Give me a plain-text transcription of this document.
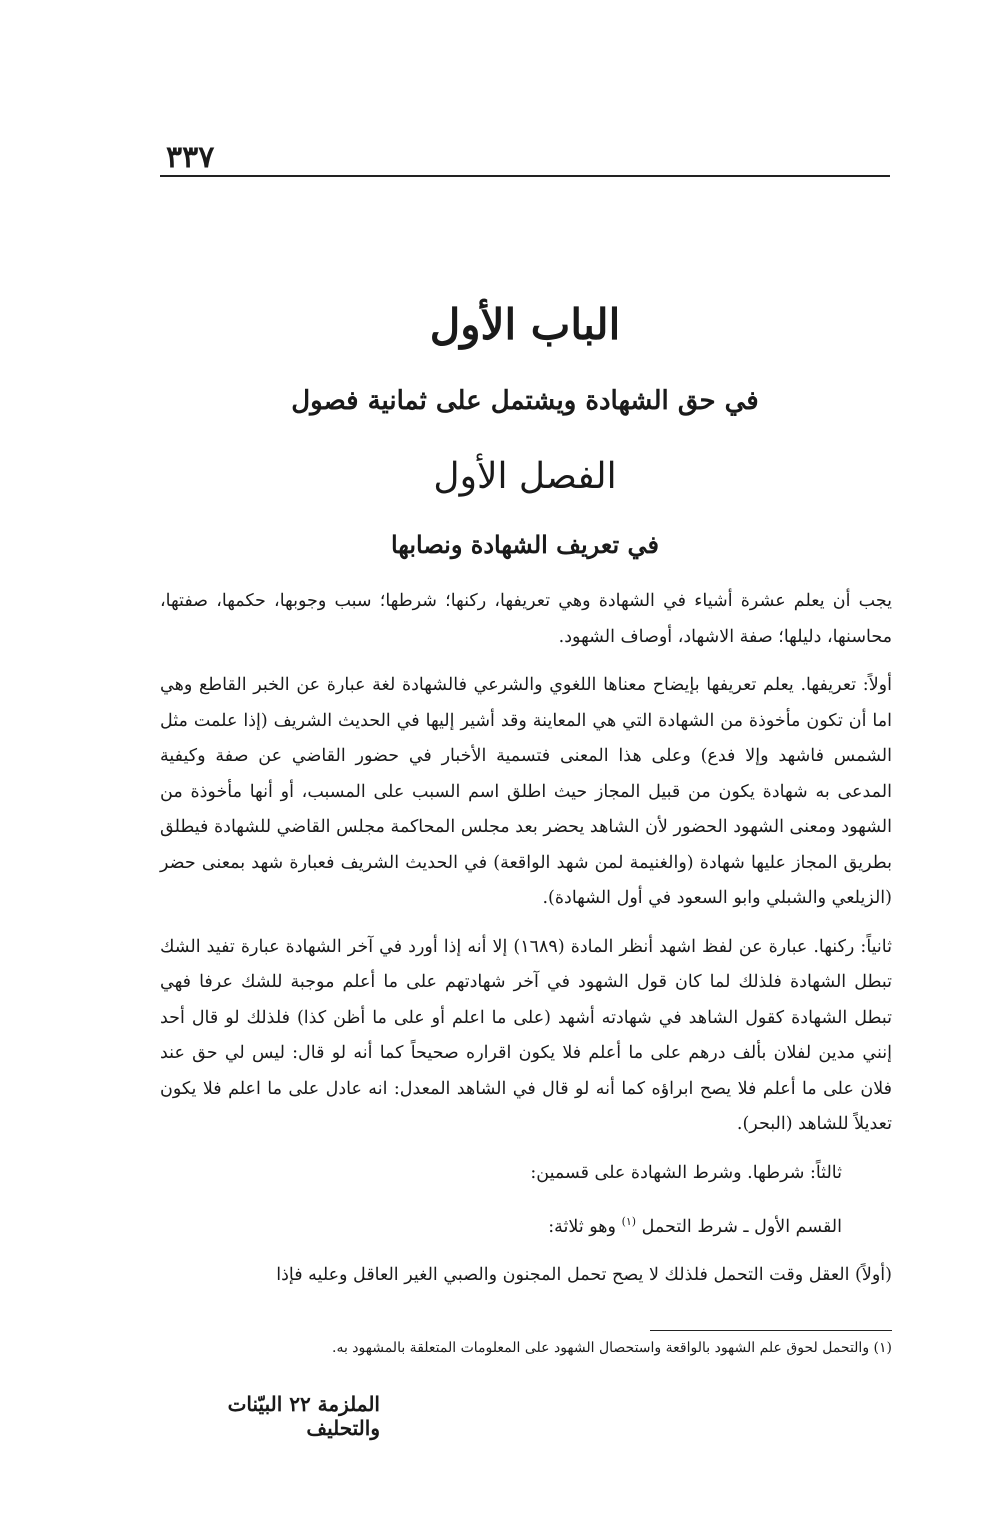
٣٣٧
الباب الأول
في حق الشهادة ويشتمل على ثمانية فصول
الفصل الأول
في تعريف الشهادة ونصابها

يجب أن يعلم عشرة أشياء في الشهادة وهي تعريفها، ركنها؛ شرطها؛ سبب وجوبها، حكمها، صفتها، محاسنها، دليلها؛ صفة الاشهاد، أوصاف الشهود.

أولاً: تعريفها. يعلم تعريفها بإيضاح معناها اللغوي والشرعي فالشهادة لغة عبارة عن الخبر القاطع وهي اما أن تكون مأخوذة من الشهادة التي هي المعاينة وقد أشير إليها في الحديث الشريف (إذا علمت مثل الشمس فاشهد وإلا فدع) وعلى هذا المعنى فتسمية الأخبار في حضور القاضي عن صفة وكيفية المدعى به شهادة يكون من قبيل المجاز حيث اطلق اسم السبب على المسبب، أو أنها مأخوذة من الشهود ومعنى الشهود الحضور لأن الشاهد يحضر بعد مجلس المحاكمة مجلس القاضي للشهادة فيطلق بطريق المجاز عليها شهادة (والغنيمة لمن شهد الواقعة) في الحديث الشريف فعبارة شهد بمعنى حضر (الزيلعي والشبلي وابو السعود في أول الشهادة).

ثانياً: ركنها. عبارة عن لفظ اشهد أنظر المادة (١٦٨٩) إلا أنه إذا أورد في آخر الشهادة عبارة تفيد الشك تبطل الشهادة فلذلك لما كان قول الشهود في آخر شهادتهم على ما أعلم موجبة للشك عرفا فهي تبطل الشهادة كقول الشاهد في شهادته أشهد (على ما اعلم أو على ما أظن كذا) فلذلك لو قال أحد إنني مدين لفلان بألف درهم على ما أعلم فلا يكون اقراره صحيحاً كما أنه لو قال: ليس لي حق عند فلان على ما أعلم فلا يصح ابراؤه كما أنه لو قال في الشاهد المعدل: انه عادل على ما اعلم فلا يكون تعديلاً للشاهد (البحر).

ثالثاً: شرطها. وشرط الشهادة على قسمين:

القسم الأول ـ شرط التحمل $^{(١)}$ وهو ثلاثة:

(أولاً) العقل وقت التحمل فلذلك لا يصح تحمل المجنون والصبي الغير العاقل وعليه فإذا

(١) والتحمل لحوق علم الشهود بالواقعة واستحصال الشهود على المعلومات المتعلقة بالمشهود به.
الملزمة ٢٢ البيّنات والتحليف
